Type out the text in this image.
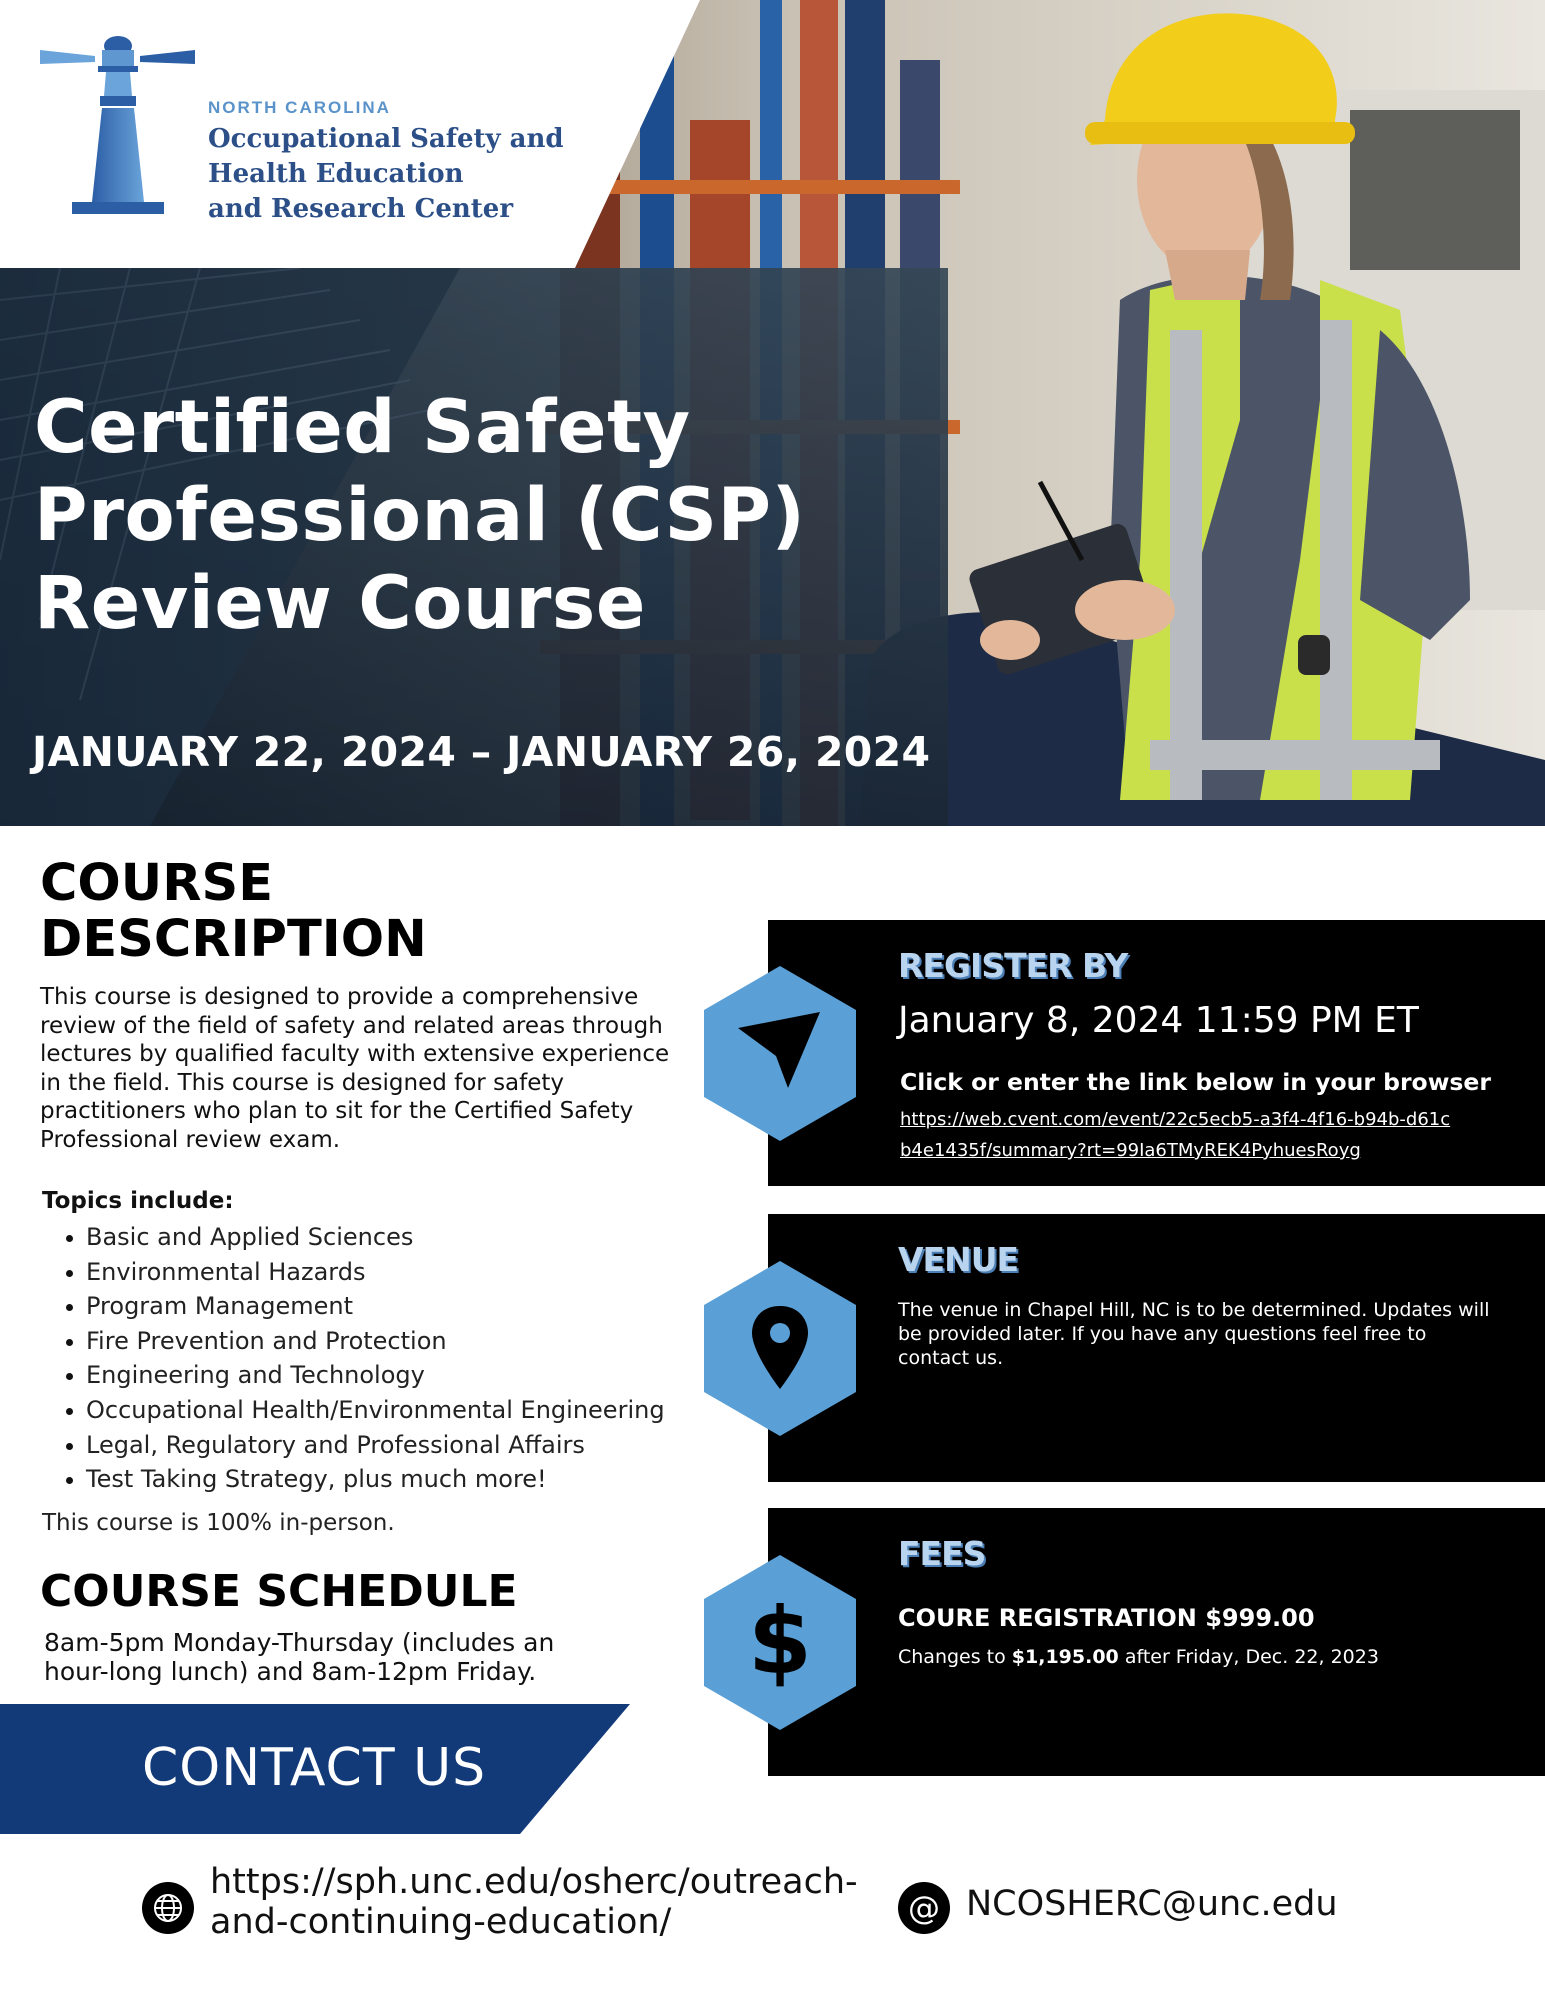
NORTH CAROLINA
Occupational Safety and
Health Education
and Research Center
Certified Safety
Professional (CSP)
Review Course
JANUARY 22, 2024 – JANUARY 26, 2024
COURSE
DESCRIPTION
This course is designed to provide a comprehensive review of the field of safety and related areas through lectures by qualified faculty with extensive experience in the field. This course is designed for safety practitioners who plan to sit for the Certified Safety Professional review exam.
Topics include:
Basic and Applied Sciences
Environmental Hazards
Program Management
Fire Prevention and Protection
Engineering and Technology
Occupational Health/Environmental Engineering
Legal, Regulatory and Professional Affairs
Test Taking Strategy, plus much more!
This course is 100% in-person.
COURSE SCHEDULE
8am-5pm Monday-Thursday (includes an hour-long lunch) and 8am-12pm Friday.
CONTACT US
https://sph.unc.edu/osherc/outreach-and-continuing-education/	@ NCOSHERC@unc.edu
REGISTER BY
January 8, 2024 11:59 PM ET
Click or enter the link below in your browser
https://web.cvent.com/event/22c5ecb5-a3f4-4f16-b94b-d61cb4e1435f/summary?rt=99Ia6TMyREK4PyhuesRoyg
VENUE
The venue in Chapel Hill, NC is to be determined. Updates will be provided later. If you have any questions feel free to contact us.
FEES
COURE REGISTRATION $999.00
Changes to $1,195.00 after Friday, Dec. 22, 2023
$
